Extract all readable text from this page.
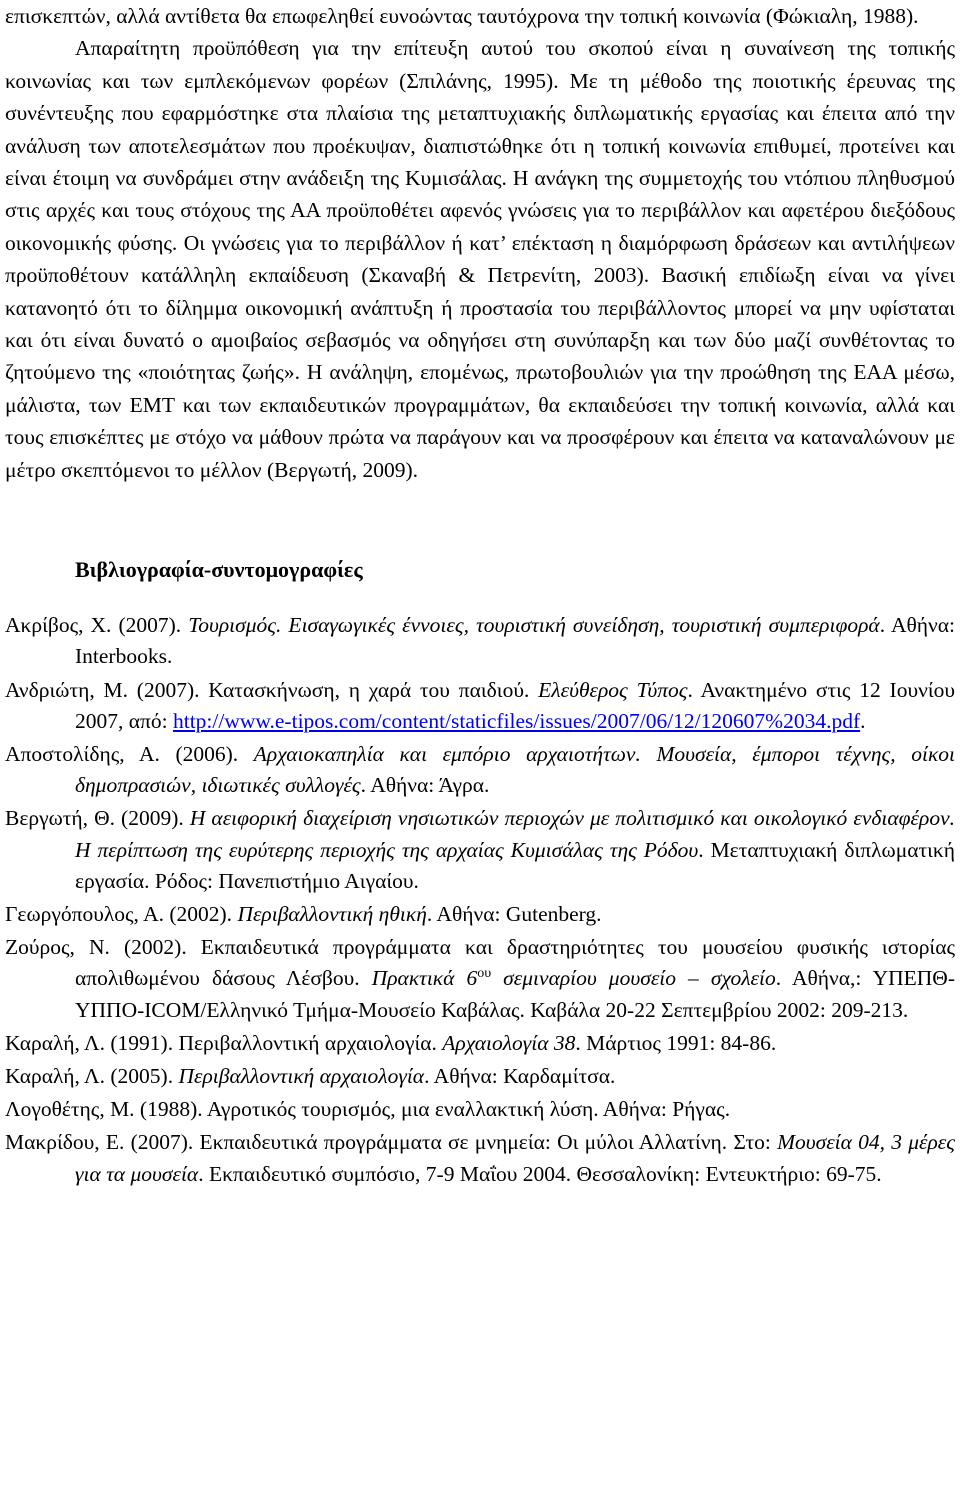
επισκεπτών, αλλά αντίθετα θα επωφεληθεί ευνοώντας ταυτόχρονα την τοπική κοινωνία (Φώκιαλη, 1988).

Απαραίτητη προϋπόθεση για την επίτευξη αυτού του σκοπού είναι η συναίνεση της τοπικής κοινωνίας και των εμπλεκόμενων φορέων (Σπιλάνης, 1995). Με τη μέθοδο της ποιοτικής έρευνας της συνέντευξης που εφαρμόστηκε στα πλαίσια της μεταπτυχιακής διπλωματικής εργασίας και έπειτα από την ανάλυση των αποτελεσμάτων που προέκυψαν, διαπιστώθηκε ότι η τοπική κοινωνία επιθυμεί, προτείνει και είναι έτοιμη να συνδράμει στην ανάδειξη της Κυμισάλας. Η ανάγκη της συμμετοχής του ντόπιου πληθυσμού στις αρχές και τους στόχους της ΑΑ προϋποθέτει αφενός γνώσεις για το περιβάλλον και αφετέρου διεξόδους οικονομικής φύσης. Οι γνώσεις για το περιβάλλον ή κατ’ επέκταση η διαμόρφωση δράσεων και αντιλήψεων προϋποθέτουν κατάλληλη εκπαίδευση (Σκαναβή & Πετρενίτη, 2003). Βασική επιδίωξη είναι να γίνει κατανοητό ότι το δίλημμα οικονομική ανάπτυξη ή προστασία του περιβάλλοντος μπορεί να μην υφίσταται και ότι είναι δυνατό ο αμοιβαίος σεβασμός να οδηγήσει στη συνύπαρξη και των δύο μαζί συνθέτοντας το ζητούμενο της «ποιότητας ζωής». Η ανάληψη, επομένως, πρωτοβουλιών για την προώθηση της ΕΑΑ μέσω, μάλιστα, των ΕΜΤ και των εκπαιδευτικών προγραμμάτων, θα εκπαιδεύσει την τοπική κοινωνία, αλλά και τους επισκέπτες με στόχο να μάθουν πρώτα να παράγουν και να προσφέρουν και έπειτα να καταναλώνουν με μέτρο σκεπτόμενοι το μέλλον (Βεργωτή, 2009).

Βιβλιογραφία-συντομογραφίες
Ακρίβος, Χ. (2007). Τουρισμός. Εισαγωγικές έννοιες, τουριστική συνείδηση, τουριστική συμπεριφορά. Αθήνα: Interbooks.
Ανδριώτη, Μ. (2007). Κατασκήνωση, η χαρά του παιδιού. Ελεύθερος Τύπος. Ανακτημένο στις 12 Ιουνίου 2007, από: http://www.e-tipos.com/content/staticfiles/issues/2007/06/12/120607%2034.pdf.
Αποστολίδης, Α. (2006). Αρχαιοκαπηλία και εμπόριο αρχαιοτήτων. Μουσεία, έμποροι τέχνης, οίκοι δημοπρασιών, ιδιωτικές συλλογές. Αθήνα: Άγρα.
Βεργωτή, Θ. (2009). Η αειφορική διαχείριση νησιωτικών περιοχών με πολιτισμικό και οικολογικό ενδιαφέρον. Η περίπτωση της ευρύτερης περιοχής της αρχαίας Κυμισάλας της Ρόδου. Μεταπτυχιακή διπλωματική εργασία. Ρόδος: Πανεπιστήμιο Αιγαίου.
Γεωργόπουλος, Α. (2002). Περιβαλλοντική ηθική. Αθήνα: Gutenberg.
Ζούρος, Ν. (2002). Εκπαιδευτικά προγράμματα και δραστηριότητες του μουσείου φυσικής ιστορίας απολιθωμένου δάσους Λέσβου. Πρακτικά $6^{o\upsilon}$ σεμιναρίου μουσείο – σχολείο. Αθήνα,: ΥΠΕΠΘ-ΥΠΠΟ-ICOM/Ελληνικό Τμήμα-Μουσείο Καβάλας. Καβάλα 20-22 Σεπτεμβρίου 2002: 209-213.
Καραλή, Λ. (1991). Περιβαλλοντική αρχαιολογία. Αρχαιολογία 38. Μάρτιος 1991: 84-86.
Καραλή, Λ. (2005). Περιβαλλοντική αρχαιολογία. Αθήνα: Καρδαμίτσα.
Λογοθέτης, Μ. (1988). Αγροτικός τουρισμός, μια εναλλακτική λύση. Αθήνα: Ρήγας.
Μακρίδου, Ε. (2007). Εκπαιδευτικά προγράμματα σε μνημεία: Οι μύλοι Αλλατίνη. Στο: Μουσεία 04, 3 μέρες για τα μουσεία. Εκπαιδευτικό συμπόσιο, 7-9 Μαΐου 2004. Θεσσαλονίκη: Εντευκτήριο: 69-75.
